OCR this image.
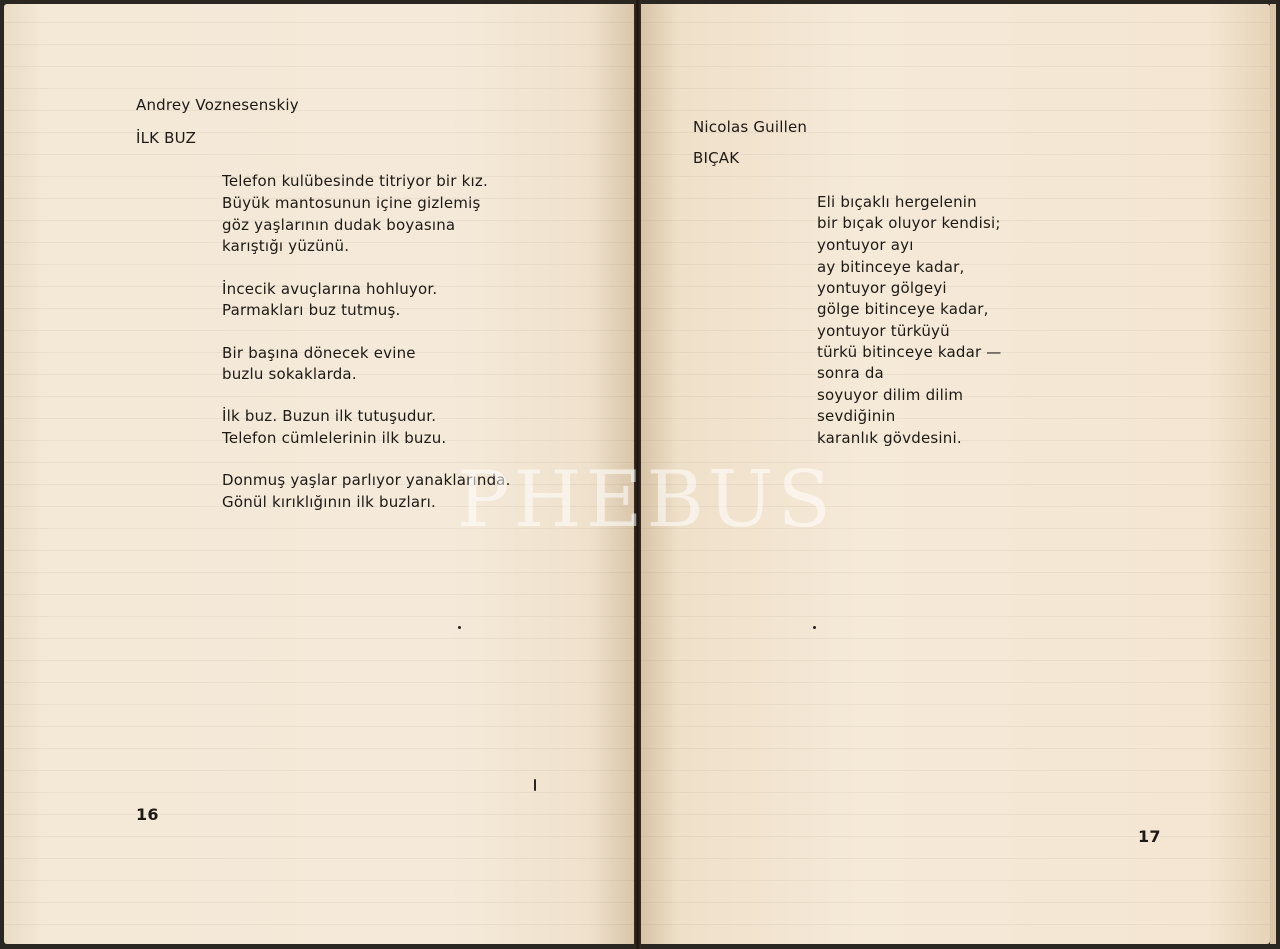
Andrey Voznesenskiy
İLK BUZ
Telefon kulübesinde titriyor bir kız.
Büyük mantosunun içine gizlemiş
göz yaşlarının dudak boyasına
karıştığı yüzünü.
İncecik avuçlarına hohluyor.
Parmakları buz tutmuş.
Bir başına dönecek evine
buzlu sokaklarda.
İlk buz. Buzun ilk tutuşudur.
Telefon cümlelerinin ilk buzu.
Donmuş yaşlar parlıyor yanaklarında.
Gönül kırıklığının ilk buzları.
16
Nicolas Guillen
BIÇAK
Eli bıçaklı hergelenin
bir bıçak oluyor kendisi;
yontuyor ayı
ay bitinceye kadar,
yontuyor gölgeyi
gölge bitinceye kadar,
yontuyor türküyü
türkü bitinceye kadar —
sonra da
soyuyor dilim dilim
sevdiğinin
karanlık gövdesini.
17
PHEBUS
